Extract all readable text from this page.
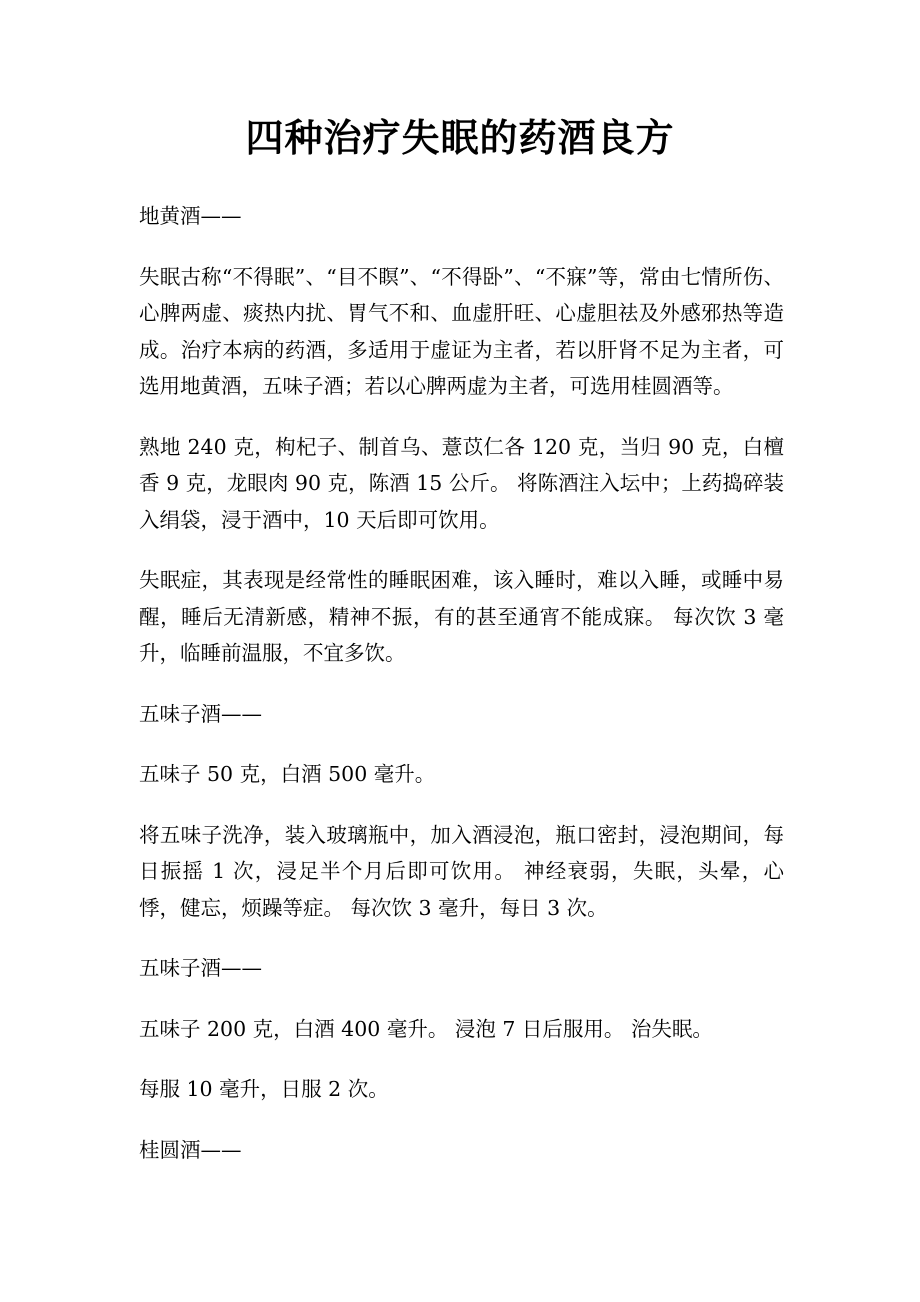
四种治疗失眠的药酒良方

地黄酒——

失眠古称“不得眠”、“目不瞑”、“不得卧”、“不寐”等，常由七情所伤、心脾两虚、痰热内扰、胃气不和、血虚肝旺、心虚胆祛及外感邪热等造成。治疗本病的药酒，多适用于虚证为主者，若以肝肾不足为主者，可选用地黄酒，五味子酒；若以心脾两虚为主者，可选用桂圆酒等。

熟地 240 克，枸杞子、制首乌、薏苡仁各 120 克，当归 90 克，白檀香 9 克，龙眼肉 90 克，陈酒 15 公斤。 将陈酒注入坛中；上药捣碎装入绢袋，浸于酒中，10 天后即可饮用。

失眠症，其表现是经常性的睡眠困难，该入睡时，难以入睡，或睡中易醒，睡后无清新感，精神不振，有的甚至通宵不能成寐。 每次饮 3 毫升，临睡前温服，不宜多饮。

五味子酒——

五味子 50 克，白酒 500 毫升。

将五味子洗净，装入玻璃瓶中，加入酒浸泡，瓶口密封，浸泡期间，每日振摇 1 次，浸足半个月后即可饮用。 神经衰弱，失眠，头晕，心悸，健忘，烦躁等症。 每次饮 3 毫升，每日 3 次。

五味子酒——

五味子 200 克，白酒 400 毫升。 浸泡 7 日后服用。 治失眠。

每服 10 毫升，日服 2 次。

桂圆酒——
